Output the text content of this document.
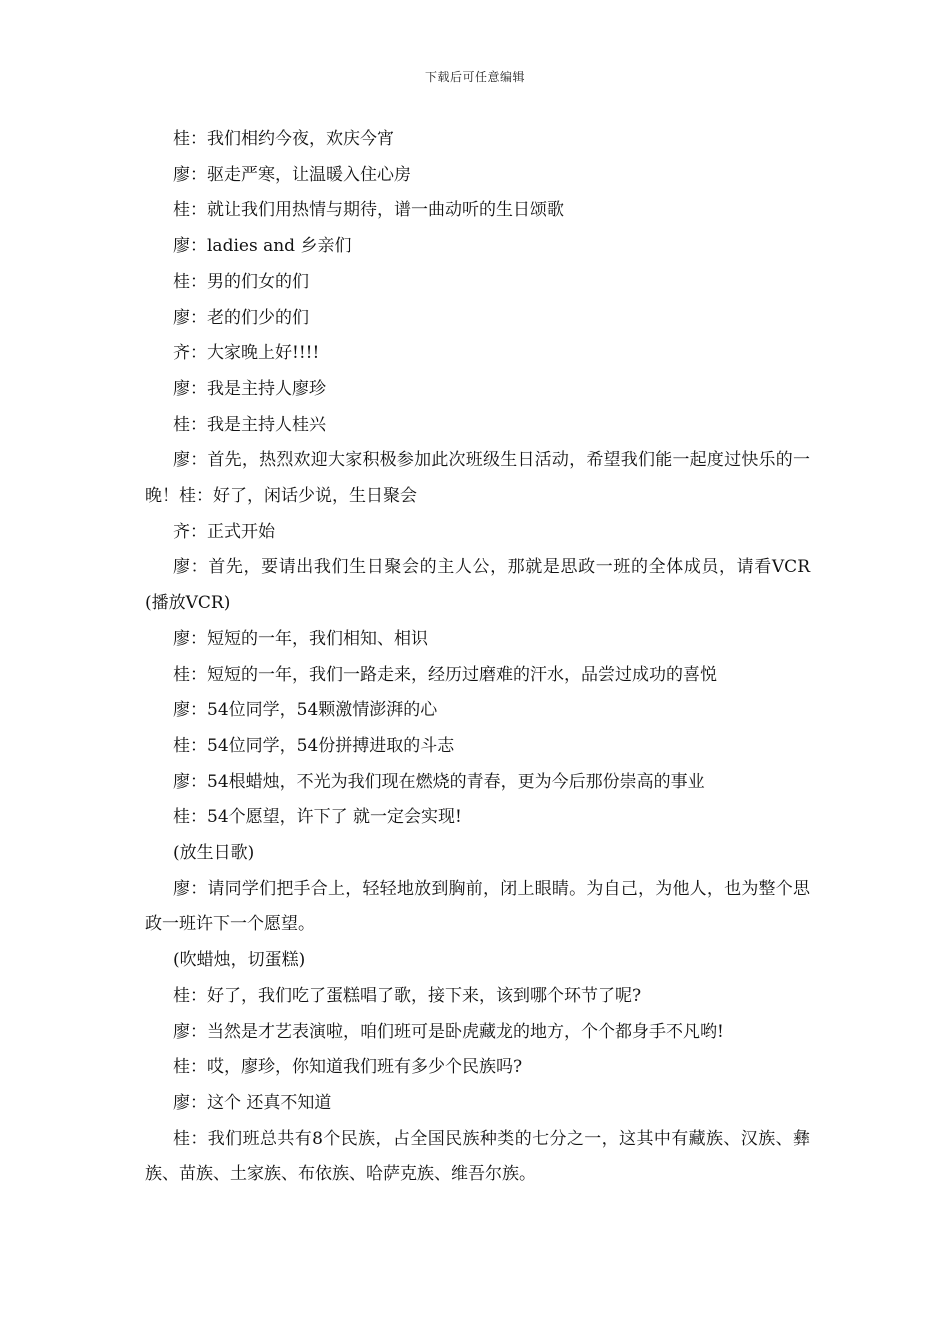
下载后可任意编辑

桂：我们相约今夜，欢庆今宵

廖：驱走严寒，让温暖入住心房

桂：就让我们用热情与期待，谱一曲动听的生日颂歌

廖：ladies and 乡亲们

桂：男的们女的们

廖：老的们少的们

齐：大家晚上好!!!!

廖：我是主持人廖珍

桂：我是主持人桂兴

廖：首先，热烈欢迎大家积极参加此次班级生日活动，希望我们能一起度过快乐的一晚！桂：好了，闲话少说，生日聚会

齐：正式开始

廖：首先，要请出我们生日聚会的主人公，那就是思政一班的全体成员，请看VCR (播放VCR)

廖：短短的一年，我们相知、相识

桂：短短的一年，我们一路走来，经历过磨难的汗水，品尝过成功的喜悦

廖：54位同学，54颗激情澎湃的心

桂：54位同学，54份拼搏进取的斗志

廖：54根蜡烛，不光为我们现在燃烧的青春，更为今后那份崇高的事业

桂：54个愿望，许下了 就一定会实现!

(放生日歌)

廖：请同学们把手合上，轻轻地放到胸前，闭上眼睛。为自己，为他人，也为整个思政一班许下一个愿望。

(吹蜡烛，切蛋糕)

桂：好了，我们吃了蛋糕唱了歌，接下来，该到哪个环节了呢?

廖：当然是才艺表演啦，咱们班可是卧虎藏龙的地方，个个都身手不凡哟!

桂：哎，廖珍，你知道我们班有多少个民族吗?

廖：这个 还真不知道

桂：我们班总共有8个民族，占全国民族种类的七分之一，这其中有藏族、汉族、彝族、苗族、土家族、布依族、哈萨克族、维吾尔族。
